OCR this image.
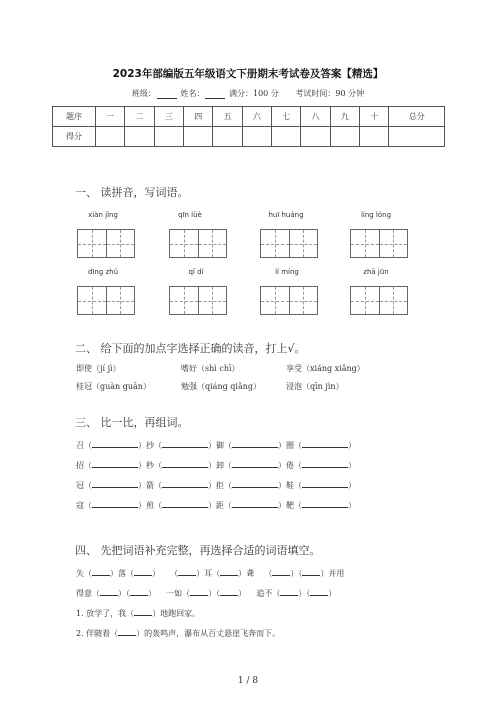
2023年部编版五年级语文下册期末考试卷及答案【精选】
班级：	姓名：	满分：100 分 考试时间：90 分钟
题序	一	二	三	四	五	六	七	八	九	十	总分
得分											
一、 读拼音，写词语。
xiàn jǐng	qīn lüè	huī huáng	líng lóng
dīng zhǔ	qǐ dí	lí míng	zhā jūn
二、 给下面的加点字选择正确的读音，打上√。
即使（jí jì）	嗜好（shì chī）	享受（xiáng xiǎng）
桂冠（guàn guān）	勉强（qiáng qiǎng）	浸泡（qīn jìn）
三、 比一比，再组词。
召（	）抄（	）御（	）圈（	）
招（	）秒（	）卸（	）倦（	）
冠（	）箭（	）拒（	）鞋（	）
寇（	）煎（	）距（	）靶（	）
四、 先把词语补充完整，再选择合适的词语填空。
失（ ）落（ ） （ ）耳（ ）聋 （ ）（ ）并用
得意（ ）（ ） 一如（ ）（ ） 追不（ ）（ ）
1. 放学了，我（ ）地跑回家。
2. 伴随着（ ）的轰鸣声，瀑布从百丈悬崖飞奔而下。
1 / 8
